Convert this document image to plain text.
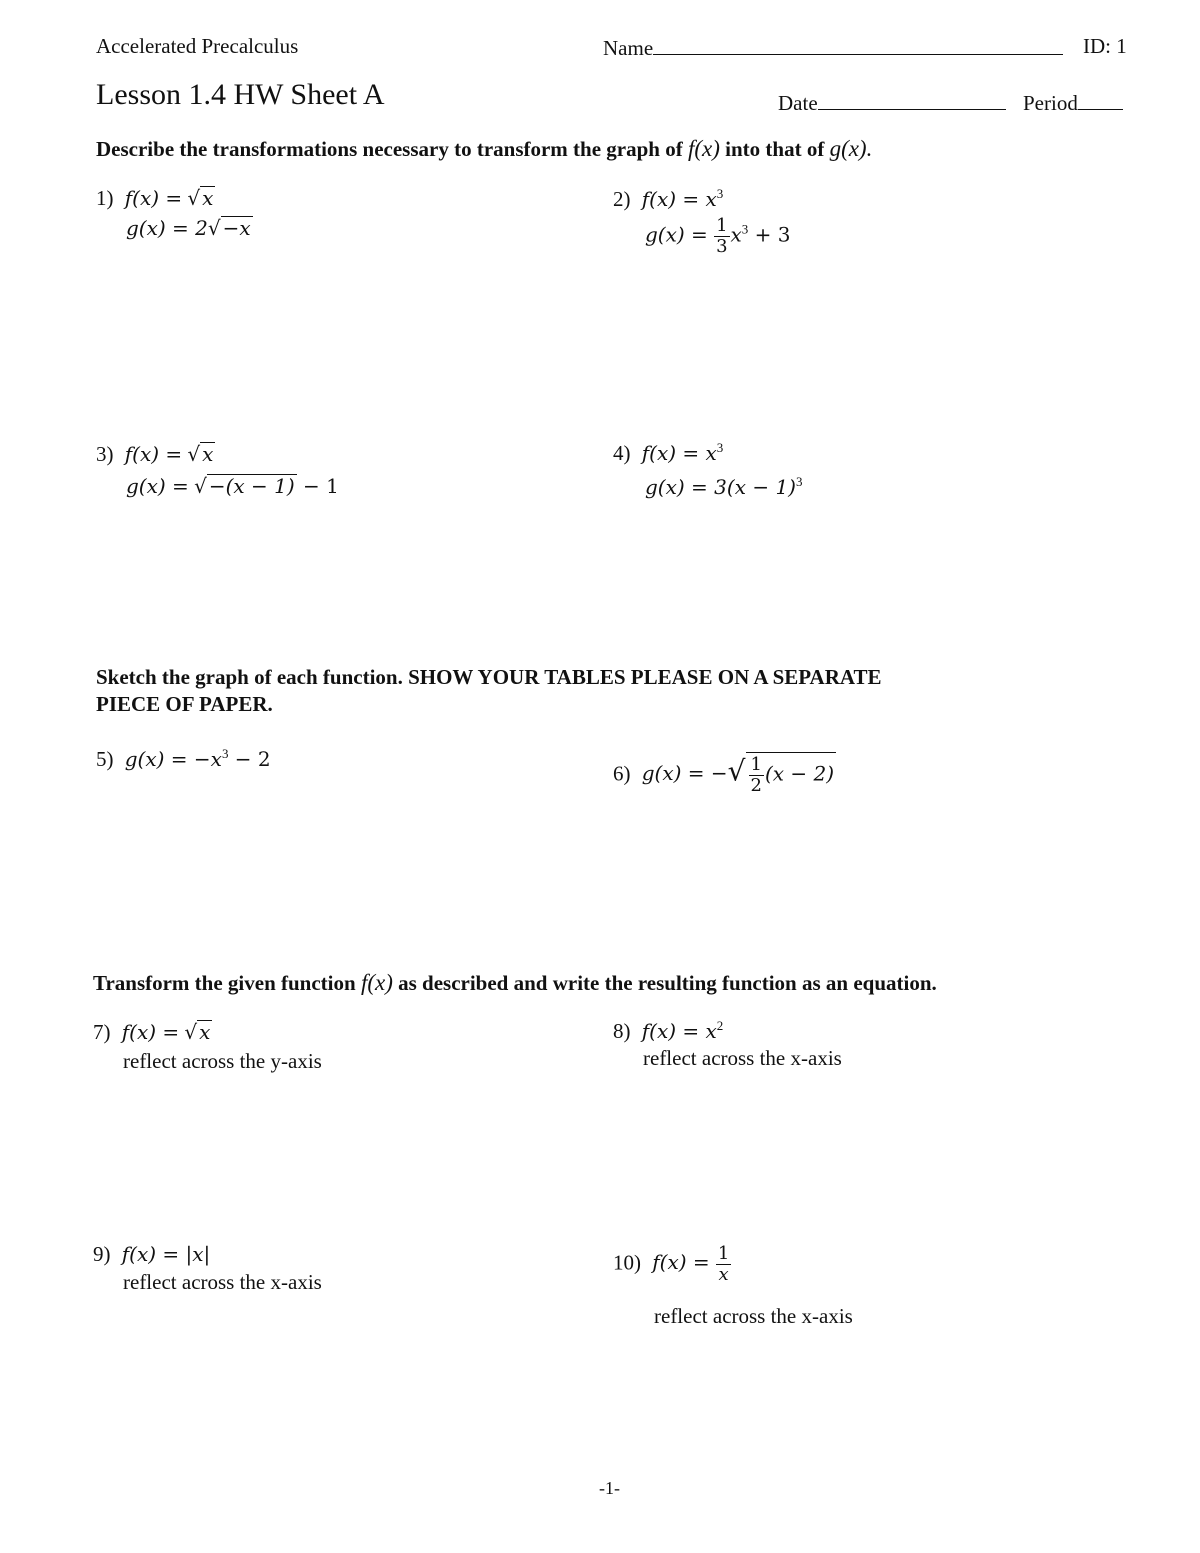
Accelerated Precalculus	Name	ID: 1
Lesson 1.4 HW Sheet A	Date	Period
Describe the transformations necessary to transform the graph of f(x) into that of g(x).
1) f(x) = √ x
g(x) = 2√ −x
2) $f(x) = x^3$
$g(x) = \frac{1}{3} x^3 + 3$
3) f(x) = √ x
g(x) = √ −(x − 1) − 1
4) $f(x) = x^3$
$g(x) = 3(x - 1)^3$
Sketch the graph of each function. SHOW YOUR TABLES PLEASE ON A SEPARATE
PIECE OF PAPER.
5) $g(x) = -x^3 - 2$
6) g(x) = −√ $\frac{1}{2} (x - 2)$
Transform the given function f(x) as described and write the resulting function as an equation.
7) f(x) = √ x
reflect across the y-axis
8) $f(x) = x^2$
reflect across the x-axis
9) f(x) = |x|
reflect across the x-axis
10) $f(x) = \frac{1}{x}$
reflect across the x-axis
-1-
